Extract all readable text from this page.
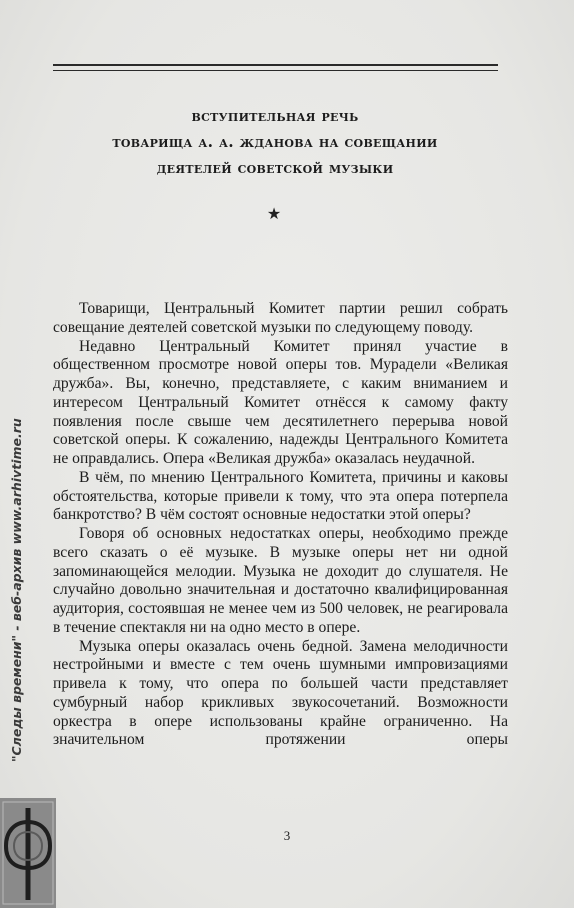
вступительная речь
товарища а. а. жданова на совещании
деятелей советской музыки
★

Товарищи, Центральный Комитет партии решил собрать совещание деятелей советской музыки по следующему поводу.

Недавно Центральный Комитет принял участие в общественном просмотре новой оперы тов. Мурадели «Великая дружба». Вы, конечно, представляете, с каким вниманием и интересом Центральный Комитет отнёсся к самому факту появления после свыше чем десятилетнего перерыва новой советской оперы. К сожалению, надежды Центрального Комитета не оправдались. Опера «Великая дружба» оказалась неудачной.

В чём, по мнению Центрального Комитета, причины и каковы обстоятельства, которые привели к тому, что эта опера потерпела банкротство? В чём состоят основные недостатки этой оперы?

Говоря об основных недостатках оперы, необходимо прежде всего сказать о её музыке. В музыке оперы нет ни одной запоминающейся мелодии. Музыка не доходит до слушателя. Не случайно довольно значительная и достаточно квалифицированная аудитория, состоявшая не менее чем из 500 человек, не реагировала в течение спектакля ни на одно место в опере.

Музыка оперы оказалась очень бедной. Замена мелодичности нестройными и вместе с тем очень шумными импровизациями привела к тому, что опера по большей части представляет сумбурный набор крикливых звукосочетаний. Возможности оркестра в опере использованы крайне ограниченно. На значительном протяжении оперы

3
"Следы времени" - веб-архив www.arhivtime.ru
